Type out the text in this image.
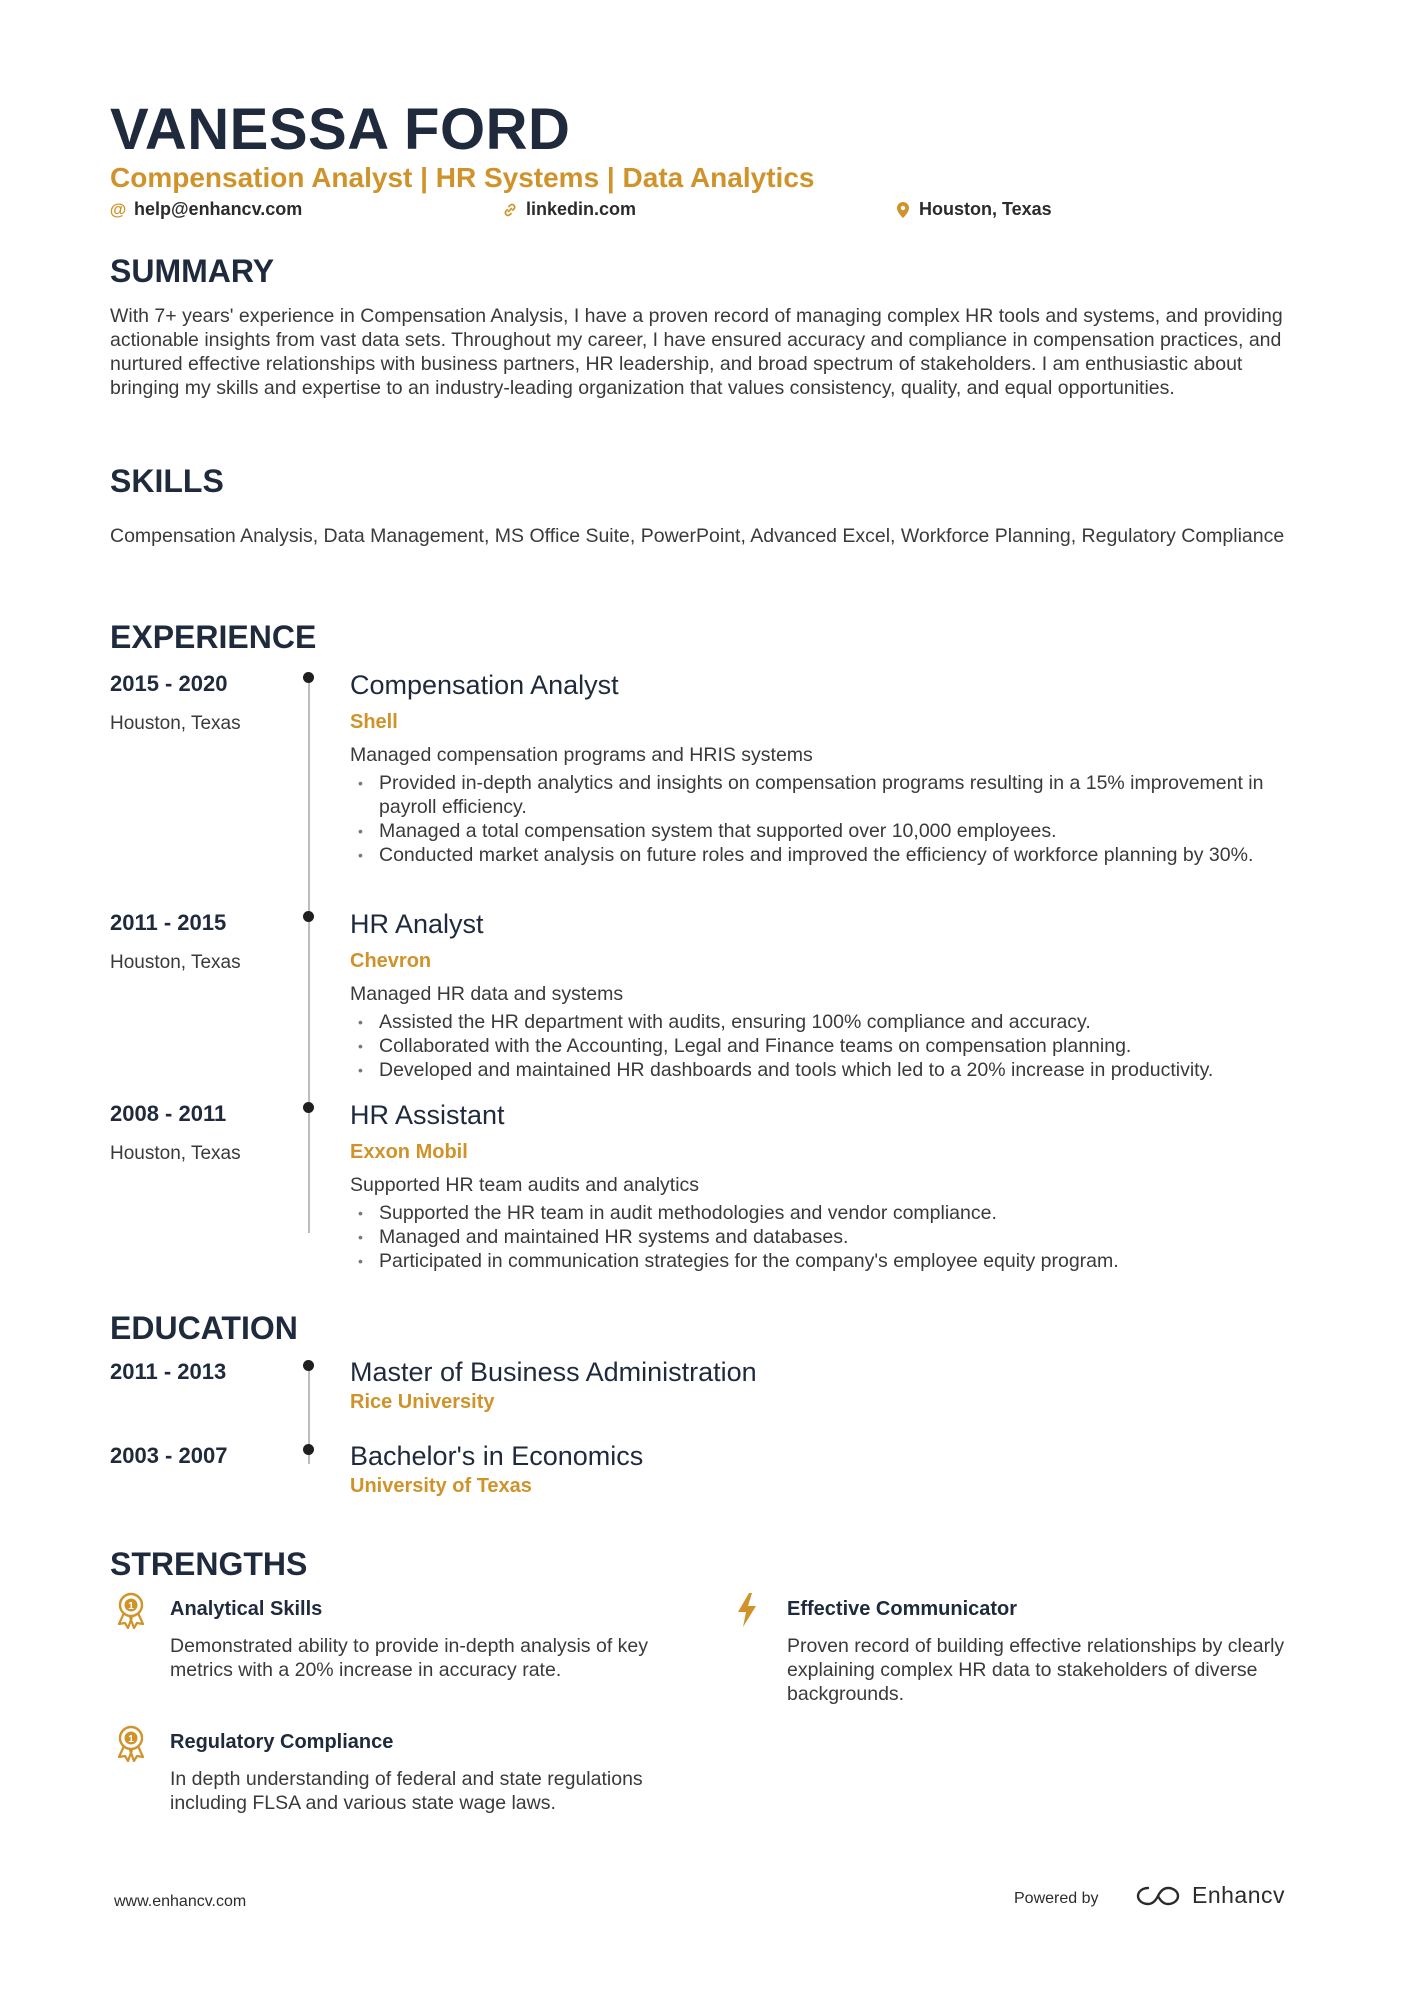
VANESSA FORD
Compensation Analyst | HR Systems | Data Analytics
@ help@enhancv.com	linkedin.com	Houston, Texas
SUMMARY

With 7+ years' experience in Compensation Analysis, I have a proven record of managing complex HR tools and systems, and providing actionable insights from vast data sets. Throughout my career, I have ensured accuracy and compliance in compensation practices, and nurtured effective relationships with business partners, HR leadership, and broad spectrum of stakeholders. I am enthusiastic about bringing my skills and expertise to an industry-leading organization that values consistency, quality, and equal opportunities.

SKILLS

Compensation Analysis, Data Management, MS Office Suite, PowerPoint, Advanced Excel, Workforce Planning, Regulatory Compliance

EXPERIENCE
2015 - 2020
Houston, Texas
Compensation Analyst
Shell
Managed compensation programs and HRIS systems
• Provided in-depth analytics and insights on compensation programs resulting in a 15% improvement in payroll efficiency.
• Managed a total compensation system that supported over 10,000 employees.
• Conducted market analysis on future roles and improved the efficiency of workforce planning by 30%.
2011 - 2015
Houston, Texas
HR Analyst
Chevron
Managed HR data and systems
• Assisted the HR department with audits, ensuring 100% compliance and accuracy.
• Collaborated with the Accounting, Legal and Finance teams on compensation planning.
• Developed and maintained HR dashboards and tools which led to a 20% increase in productivity.
2008 - 2011
Houston, Texas
HR Assistant
Exxon Mobil
Supported HR team audits and analytics
• Supported the HR team in audit methodologies and vendor compliance.
• Managed and maintained HR systems and databases.
• Participated in communication strategies for the company's employee equity program.
EDUCATION
2011 - 2013	Master of Business Administration
Rice University
2003 - 2007	Bachelor's in Economics
University of Texas
STRENGTHS
1 Analytical Skills

Demonstrated ability to provide in-depth analysis of key metrics with a 20% increase in accuracy rate.

Effective Communicator

Proven record of building effective relationships by clearly explaining complex HR data to stakeholders of diverse backgrounds.

1 Regulatory Compliance

In depth understanding of federal and state regulations including FLSA and various state wage laws.

www.enhancv.com	Powered by	Enhancv
